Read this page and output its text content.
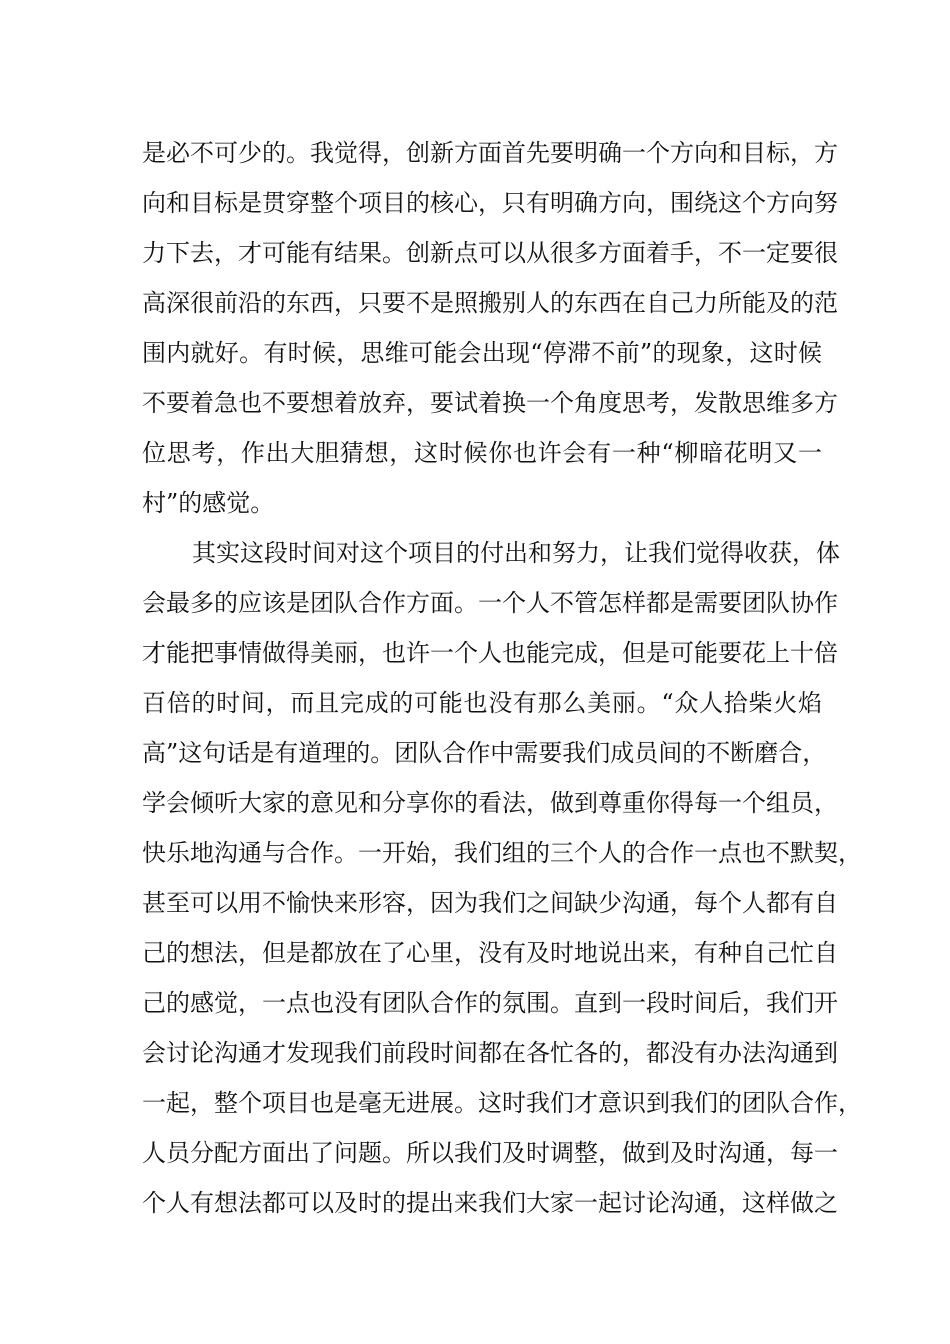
是必不可少的。我觉得，创新方面首先要明确一个方向和目标，方
向和目标是贯穿整个项目的核心，只有明确方向，围绕这个方向努
力下去，才可能有结果。创新点可以从很多方面着手，不一定要很
高深很前沿的东西，只要不是照搬别人的东西在自己力所能及的范
围内就好。有时候，思维可能会出现“停滞不前”的现象，这时候
不要着急也不要想着放弃，要试着换一个角度思考，发散思维多方
位思考，作出大胆猜想，这时候你也许会有一种“柳暗花明又一
村”的感觉。
其实这段时间对这个项目的付出和努力，让我们觉得收获，体
会最多的应该是团队合作方面。一个人不管怎样都是需要团队协作
才能把事情做得美丽，也许一个人也能完成，但是可能要花上十倍
百倍的时间，而且完成的可能也没有那么美丽。“众人拾柴火焰
高”这句话是有道理的。团队合作中需要我们成员间的不断磨合，
学会倾听大家的意见和分享你的看法，做到尊重你得每一个组员，
快乐地沟通与合作。一开始，我们组的三个人的合作一点也不默契，
甚至可以用不愉快来形容，因为我们之间缺少沟通，每个人都有自
己的想法，但是都放在了心里，没有及时地说出来，有种自己忙自
己的感觉，一点也没有团队合作的氛围。直到一段时间后，我们开
会讨论沟通才发现我们前段时间都在各忙各的，都没有办法沟通到
一起，整个项目也是毫无进展。这时我们才意识到我们的团队合作，
人员分配方面出了问题。所以我们及时调整，做到及时沟通，每一
个人有想法都可以及时的提出来我们大家一起讨论沟通，这样做之
